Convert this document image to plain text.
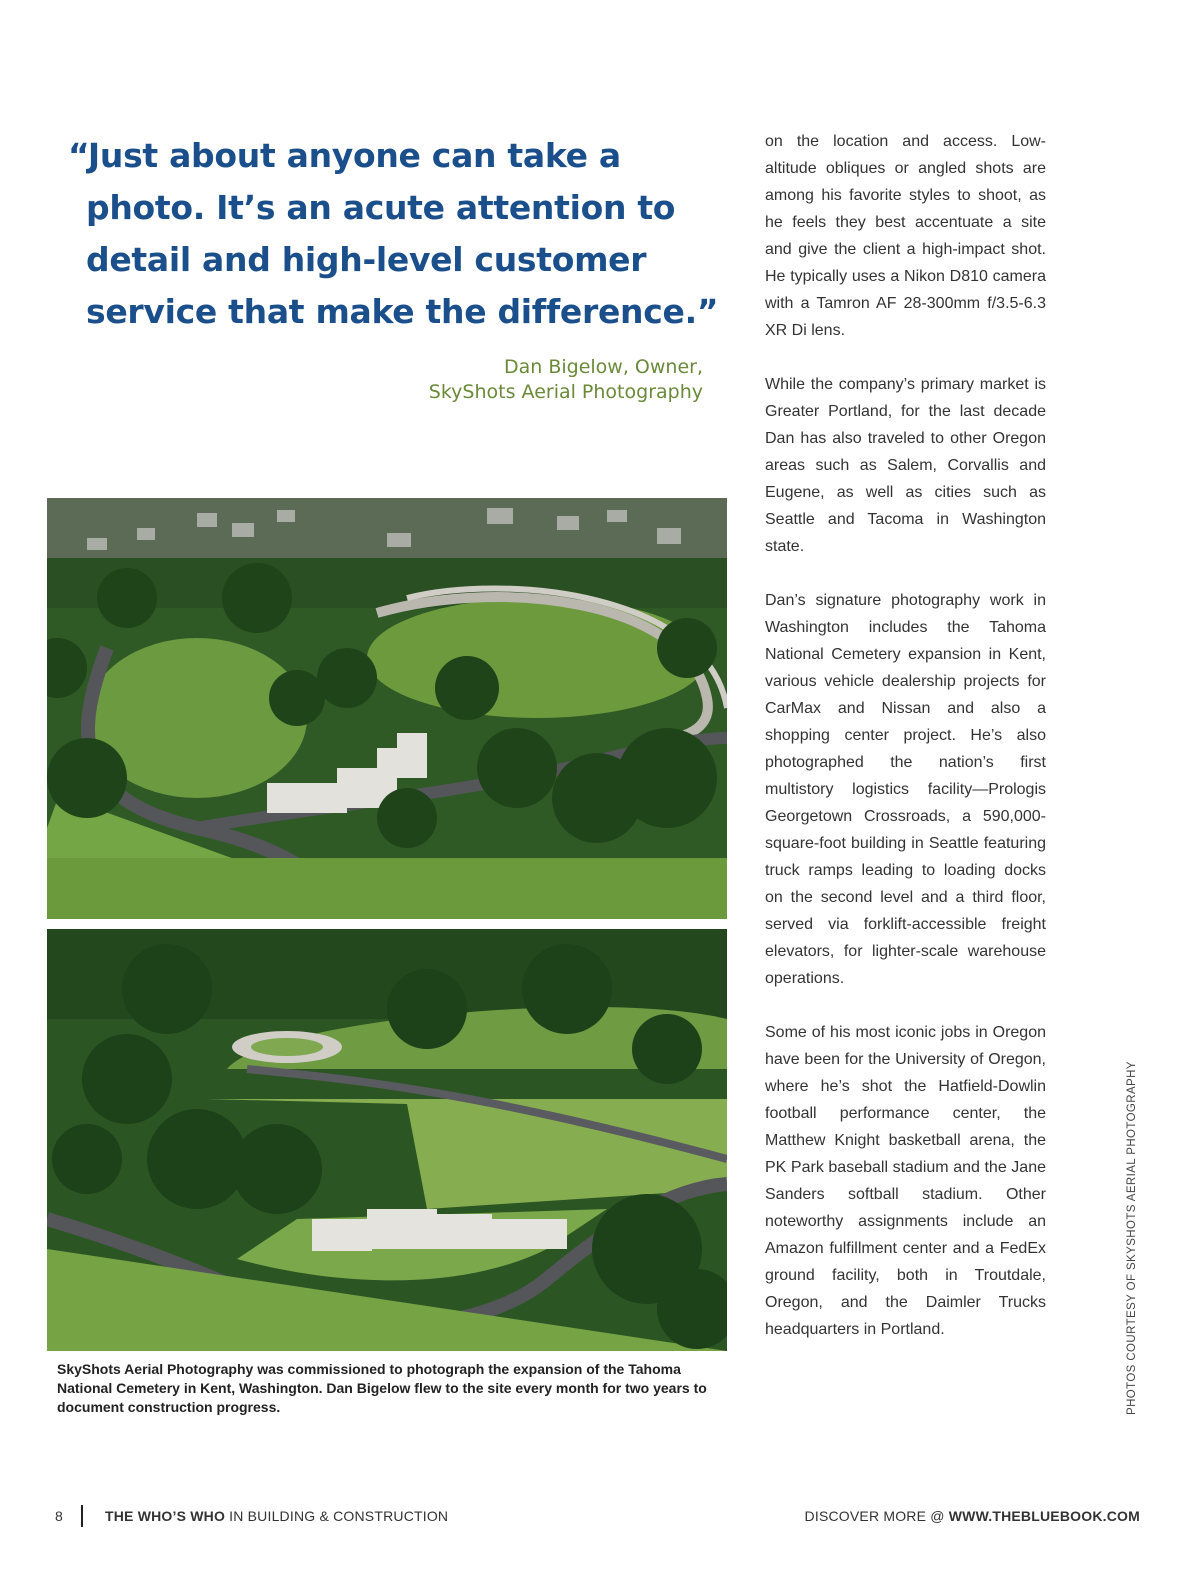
“Just about anyone can take a
photo. It’s an acute attention to
detail and high-level customer
service that make the difference.”
Dan Bigelow, Owner,
SkyShots Aerial Photography
SkyShots Aerial Photography was commissioned to photograph the expansion of the Tahoma National Cemetery in Kent, Washington. Dan Bigelow flew to the site every month for two years to document construction progress.

on the location and access. Low-altitude obliques or angled shots are among his favorite styles to shoot, as he feels they best accentuate a site and give the client a high-impact shot. He typically uses a Nikon D810 camera with a Tamron AF 28-300mm f/3.5-6.3 XR Di lens.

While the company’s primary market is Greater Portland, for the last decade Dan has also traveled to other Oregon areas such as Salem, Corvallis and Eugene, as well as cities such as Seattle and Tacoma in Washington state.

Dan’s signature photography work in Washington includes the Tahoma National Cemetery expansion in Kent, various vehicle dealership projects for CarMax and Nissan and also a shopping center project. He’s also photographed the nation’s first multistory logistics facility—Prologis Georgetown Crossroads, a 590,000-square-foot building in Seattle featuring truck ramps leading to loading docks on the second level and a third floor, served via forklift-accessible freight elevators, for lighter-scale warehouse operations.

Some of his most iconic jobs in Oregon have been for the University of Oregon, where he’s shot the Hatfield-Dowlin football performance center, the Matthew Knight basketball arena, the PK Park baseball stadium and the Jane Sanders softball stadium. Other noteworthy assignments include an Amazon fulfillment center and a FedEx ground facility, both in Troutdale, Oregon, and the Daimler Trucks headquarters in Portland.	PHOTOS COURTESY OF SKYSHOTS AERIAL PHOTOGRAPHY
8	THE WHO’S WHO IN BUILDING & CONSTRUCTION	DISCOVER MORE @ WWW.THEBLUEBOOK.COM
